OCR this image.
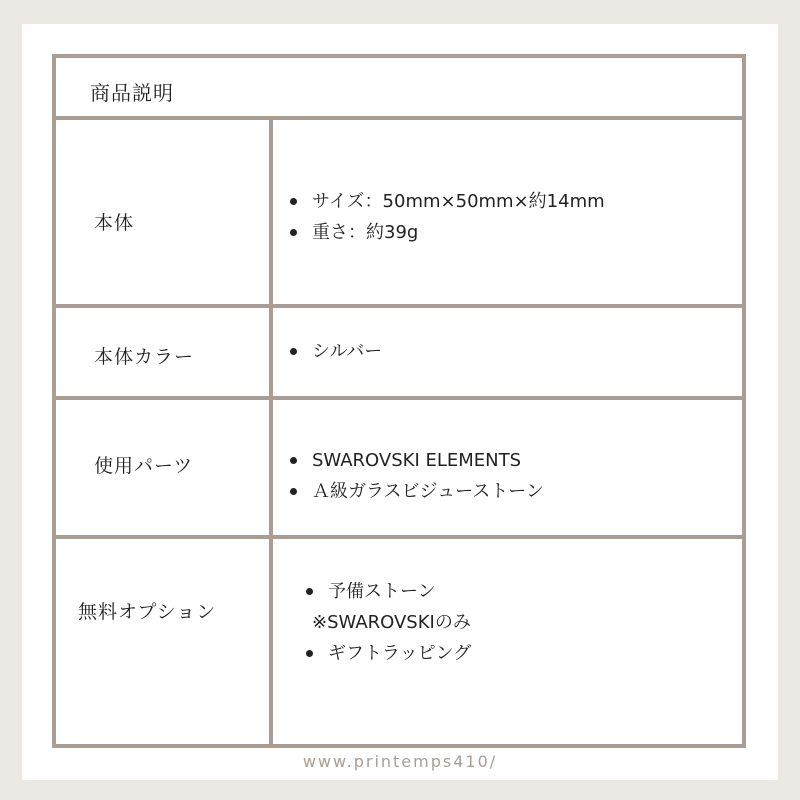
商品説明
本体
サイズ：50mm×50mm×約14mm
重さ：約39g
本体カラー	シルバー
使用パーツ	SWAROVSKI ELEMENTS
Ａ級ガラスビジューストーン
無料オプション
予備ストーン
※SWAROVSKIのみ
ギフトラッピング
www.printemps410/
